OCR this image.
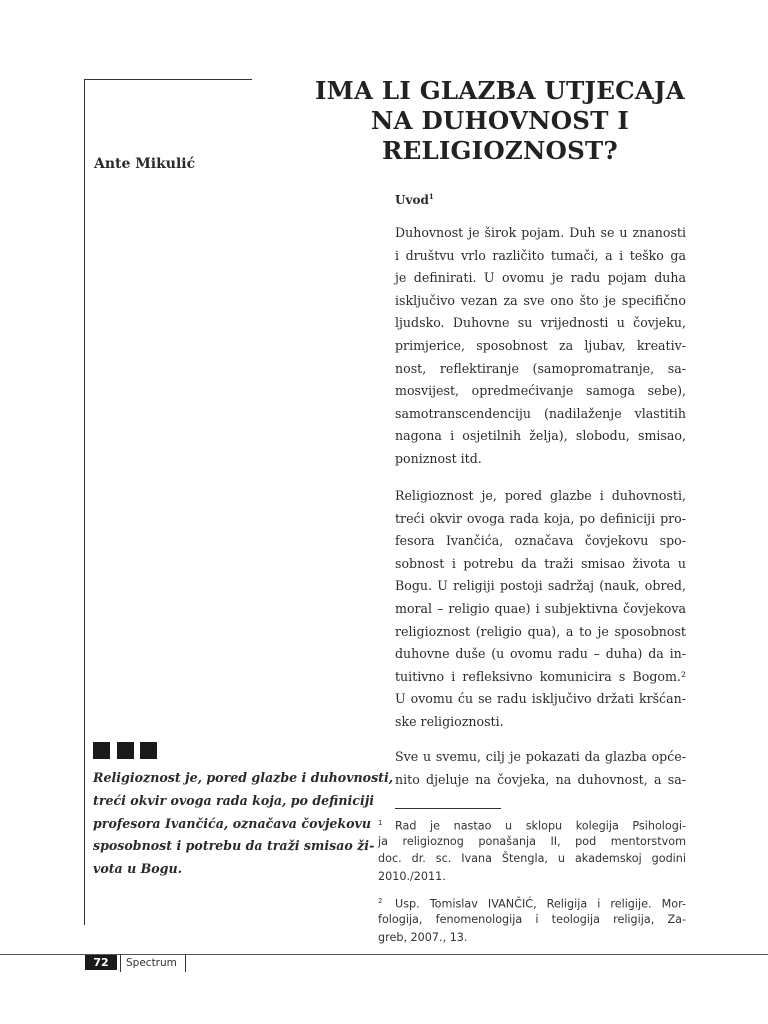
Ante Mikulić
IMA LI GLAZBA UTJECAJA
NA DUHOVNOST I
RELIGIOZNOST?
Uvod$^1$
Duhovnost je širok pojam. Duh se u znanosti
i društvu vrlo različito tumači, a i teško ga
je definirati. U ovomu je radu pojam duha
isključivo vezan za sve ono što je specifično
ljudsko. Duhovne su vrijednosti u čovjeku,
primjerice, sposobnost za ljubav, kreativ-
nost, reflektiranje (samopromatranje, sa-
mosvijest, opredmećivanje samoga sebe),
samotranscendenciju (nadilaženje vlastitih
nagona i osjetilnih želja), slobodu, smisao,
poniznost itd.
Religioznost je, pored glazbe i duhovnosti,
treći okvir ovoga rada koja, po definiciji pro-
fesora Ivančića, označava čovjekovu spo-
sobnost i potrebu da traži smisao života u
Bogu. U religiji postoji sadržaj (nauk, obred,
moral – religio quae) i subjektivna čovjekova
religioznost (religio qua), a to je sposobnost
duhovne duše (u ovomu radu – duha) da in-
tuitivno i refleksivno komunicira s Bogom.²
U ovomu ću se radu isključivo držati kršćan-
ske religioznosti.
Sve u svemu, cilj je pokazati da glazba opće-
nito djeluje na čovjeka, na duhovnost, a sa-
1 Rad je nastao u sklopu kolegija Psihologi-
ja religioznog ponašanja II, pod mentorstvom
doc. dr. sc. Ivana Štengla, u akademskoj godini
2010./2011.
2 Usp. Tomislav IVANČIĆ, Religija i religije. Mor-
fologija, fenomenologija i teologija religija, Za-
greb, 2007., 13.
Religioznost je, pored glazbe i duhovnosti,
treći okvir ovoga rada koja, po definiciji
profesora Ivančića, označava čovjekovu
sposobnost i potrebu da traži smisao ži-
vota u Bogu.
72	Spectrum
